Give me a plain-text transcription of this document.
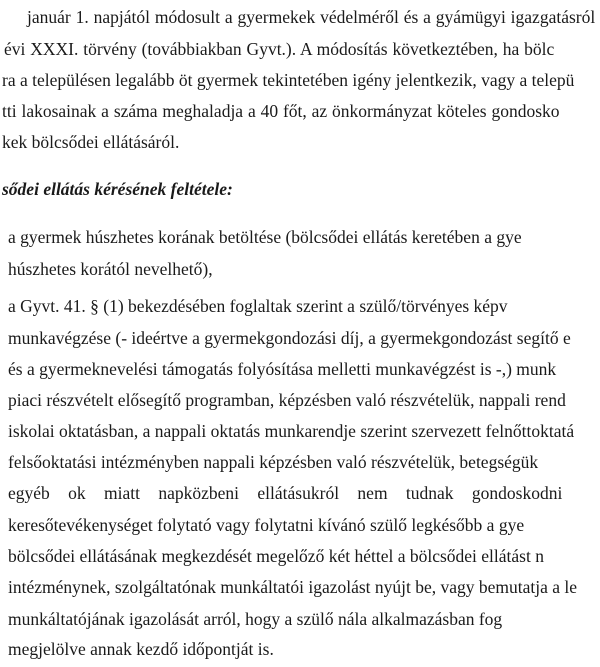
január 1. napjától módosult a gyermekek védelméről és a gyámügyi igazgatásról
évi XXXI. törvény (továbbiakban Gyvt.). A módosítás következtében, ha bölc
ra a településen legalább öt gyermek tekintetében igény jelentkezik, vagy a telepü
tti lakosainak a száma meghaladja a 40 főt, az önkormányzat köteles gondosko
kek bölcsődei ellátásáról.
sődei ellátás kérésének feltétele:
a gyermek húszhetes korának betöltése (bölcsődei ellátás keretében a gye
húszhetes korától nevelhető),
a Gyvt. 41. § (1) bekezdésében foglaltak szerint a szülő/törvényes képv
munkavégzése (- ideértve a gyermekgondozási díj, a gyermekgondozást segítő e
és a gyermeknevelési támogatás folyósítása melletti munkavégzést is -,) munk
piaci részvételt elősegítő programban, képzésben való részvételük, nappali rend
iskolai oktatásban, a nappali oktatás munkarendje szerint szervezett felnőttoktatá
felsőoktatási intézményben nappali képzésben való részvételük, betegségük
egyéb ok miatt napközbeni ellátásukról nem tudnak gondoskodni
keresőtevékenységet folytató vagy folytatni kívánó szülő legkésőbb a gye
bölcsődei ellátásának megkezdését megelőző két héttel a bölcsődei ellátást n
intézménynek, szolgáltatónak munkáltatói igazolást nyújt be, vagy bemutatja a le
munkáltatójának igazolását arról, hogy a szülő nála alkalmazásban fog
megjelölve annak kezdő időpontját is.
